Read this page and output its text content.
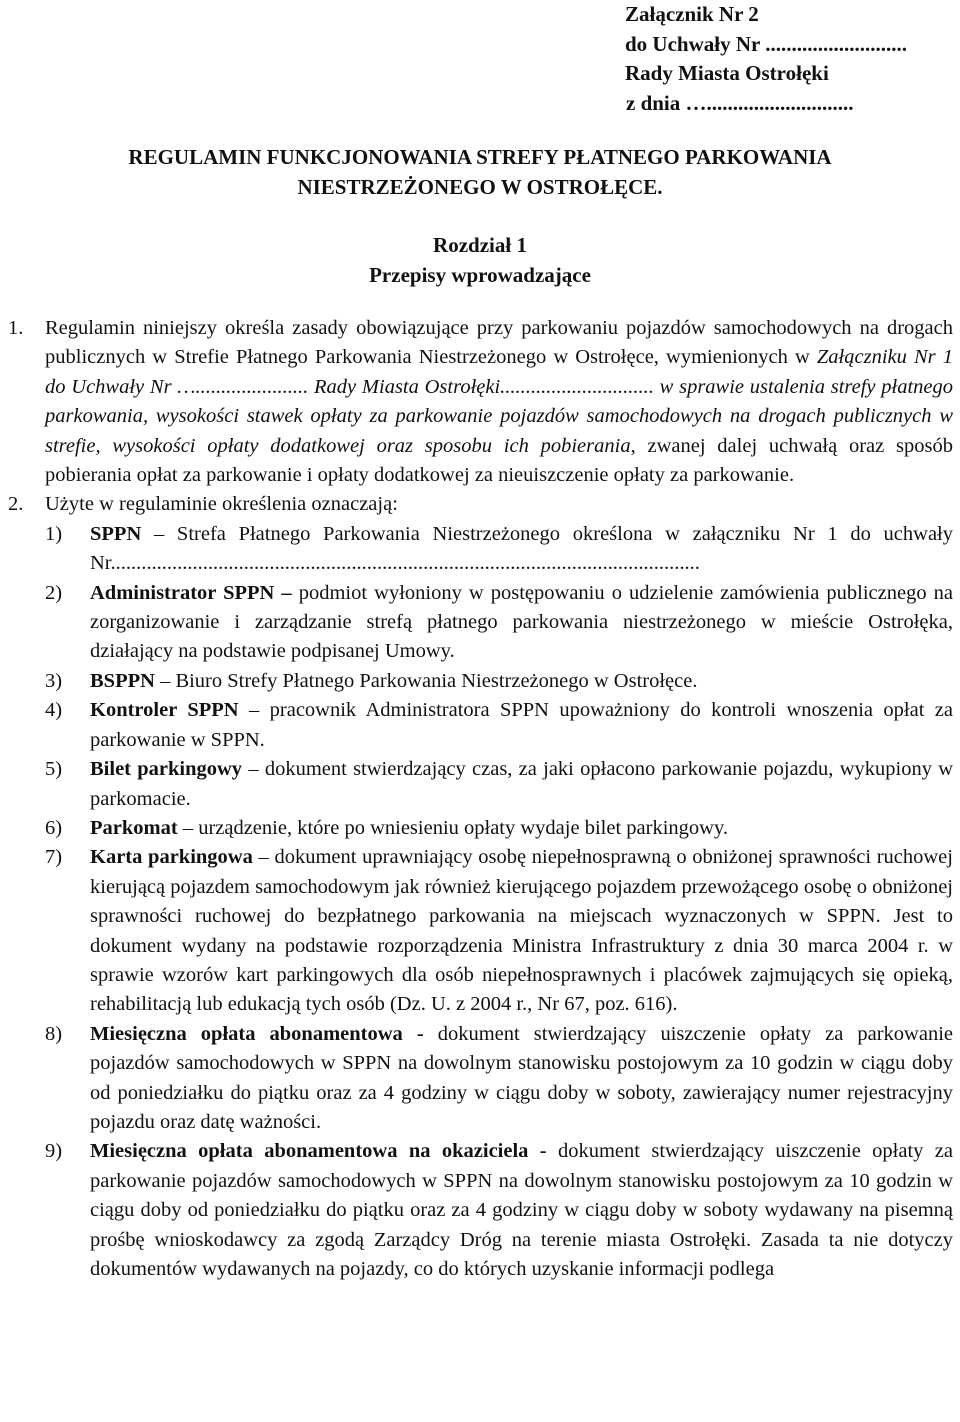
Załącznik Nr 2
do Uchwały Nr ...........................
Rady Miasta Ostrołęki
z dnia …............................
REGULAMIN FUNKCJONOWANIA STREFY PŁATNEGO PARKOWANIA
NIESTRZEŻONEGO W OSTROŁĘCE.
Rozdział 1
Przepisy wprowadzające
1. Regulamin niniejszy określa zasady obowiązujące przy parkowaniu pojazdów samochodowych na drogach publicznych w Strefie Płatnego Parkowania Niestrzeżonego w Ostrołęce, wymienionych w Załączniku Nr 1 do Uchwały Nr …...................... Rady Miasta Ostrołęki.............................. w sprawie ustalenia strefy płatnego parkowania, wysokości stawek opłaty za parkowanie pojazdów samochodowych na drogach publicznych w strefie, wysokości opłaty dodatkowej oraz sposobu ich pobierania, zwanej dalej uchwałą oraz sposób pobierania opłat za parkowanie i opłaty dodatkowej za nieuiszczenie opłaty za parkowanie.
2. Użyte w regulaminie określenia oznaczają:
1) SPPN – Strefa Płatnego Parkowania Niestrzeżonego określona w załączniku Nr 1 do uchwały Nr...................................................................................................................
2) Administrator SPPN – podmiot wyłoniony w postępowaniu o udzielenie zamówienia publicznego na zorganizowanie i zarządzanie strefą płatnego parkowania niestrzeżonego w mieście Ostrołęka, działający na podstawie podpisanej Umowy.
3) BSPPN – Biuro Strefy Płatnego Parkowania Niestrzeżonego w Ostrołęce.
4) Kontroler SPPN – pracownik Administratora SPPN upoważniony do kontroli wnoszenia opłat za parkowanie w SPPN.
5) Bilet parkingowy – dokument stwierdzający czas, za jaki opłacono parkowanie pojazdu, wykupiony w parkomacie.
6) Parkomat – urządzenie, które po wniesieniu opłaty wydaje bilet parkingowy.
7) Karta parkingowa – dokument uprawniający osobę niepełnosprawną o obniżonej sprawności ruchowej kierującą pojazdem samochodowym jak również kierującego pojazdem przewożącego osobę o obniżonej sprawności ruchowej do bezpłatnego parkowania na miejscach wyznaczonych w SPPN. Jest to dokument wydany na podstawie rozporządzenia Ministra Infrastruktury z dnia 30 marca 2004 r. w sprawie wzorów kart parkingowych dla osób niepełnosprawnych i placówek zajmujących się opieką, rehabilitacją lub edukacją tych osób (Dz. U. z 2004 r., Nr 67, poz. 616).
8) Miesięczna opłata abonamentowa - dokument stwierdzający uiszczenie opłaty za parkowanie pojazdów samochodowych w SPPN na dowolnym stanowisku postojowym za 10 godzin w ciągu doby od poniedziałku do piątku oraz za 4 godziny w ciągu doby w soboty, zawierający numer rejestracyjny pojazdu oraz datę ważności.
9) Miesięczna opłata abonamentowa na okaziciela - dokument stwierdzający uiszczenie opłaty za parkowanie pojazdów samochodowych w SPPN na dowolnym stanowisku postojowym za 10 godzin w ciągu doby od poniedziałku do piątku oraz za 4 godziny w ciągu doby w soboty wydawany na pisemną prośbę wnioskodawcy za zgodą Zarządcy Dróg na terenie miasta Ostrołęki. Zasada ta nie dotyczy dokumentów wydawanych na pojazdy, co do których uzyskanie informacji podlega
